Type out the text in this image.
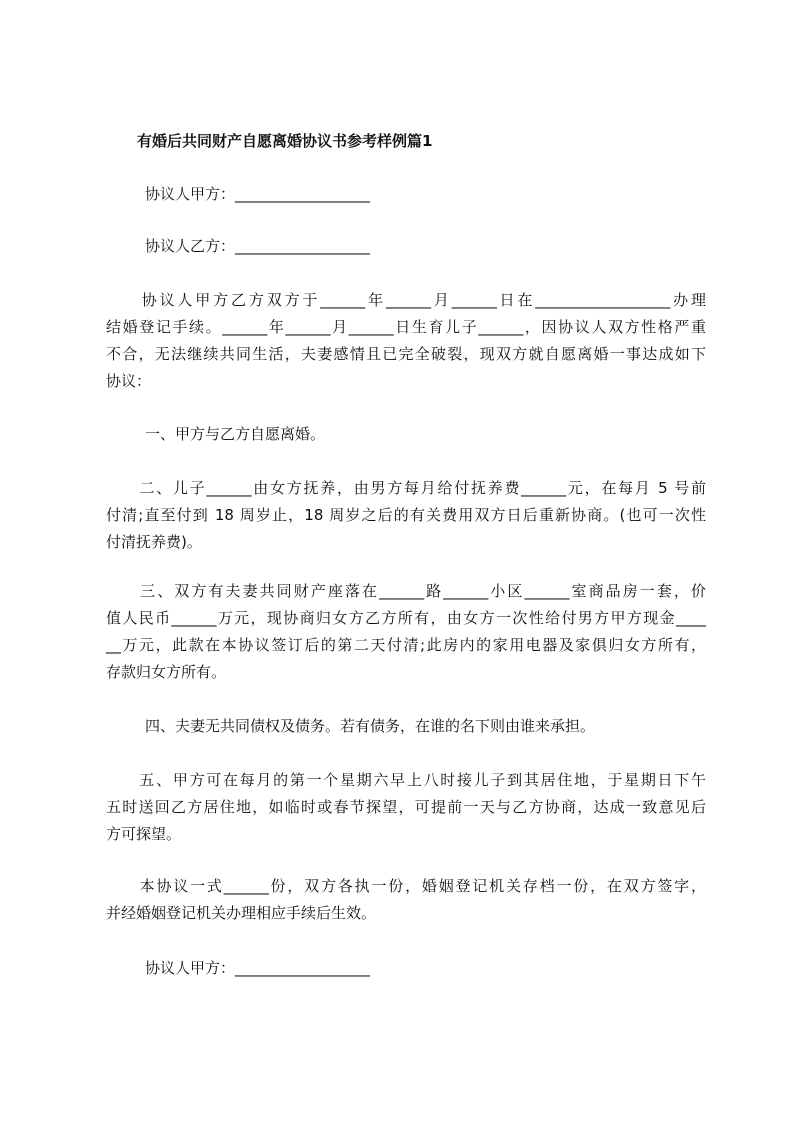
有婚后共同财产自愿离婚协议书参考样例篇1
协议人甲方：__________________
协议人乙方：__________________
　　协议人甲方乙方双方于______年______月______日在__________________办理
结婚登记手续。______年______月______日生育儿子______，因协议人双方性格严重
不合，无法继续共同生活，夫妻感情且已完全破裂，现双方就自愿离婚一事达成如下
协议：
一、甲方与乙方自愿离婚。
　　二、儿子______由女方抚养，由男方每月给付抚养费______元，在每月 5 号前
付清;直至付到 18 周岁止，18 周岁之后的有关费用双方日后重新协商。(也可一次性
付清抚养费)。
　　三、双方有夫妻共同财产座落在______路______小区______室商品房一套，价
值人民币______万元，现协商归女方乙方所有，由女方一次性给付男方甲方现金____
__万元，此款在本协议签订后的第二天付清;此房内的家用电器及家俱归女方所有，
存款归女方所有。
四、夫妻无共同债权及债务。若有债务，在谁的名下则由谁来承担。
　　五、甲方可在每月的第一个星期六早上八时接儿子到其居住地，于星期日下午
五时送回乙方居住地，如临时或春节探望，可提前一天与乙方协商，达成一致意见后
方可探望。
　　本协议一式______份，双方各执一份，婚姻登记机关存档一份，在双方签字，
并经婚姻登记机关办理相应手续后生效。
协议人甲方：__________________
